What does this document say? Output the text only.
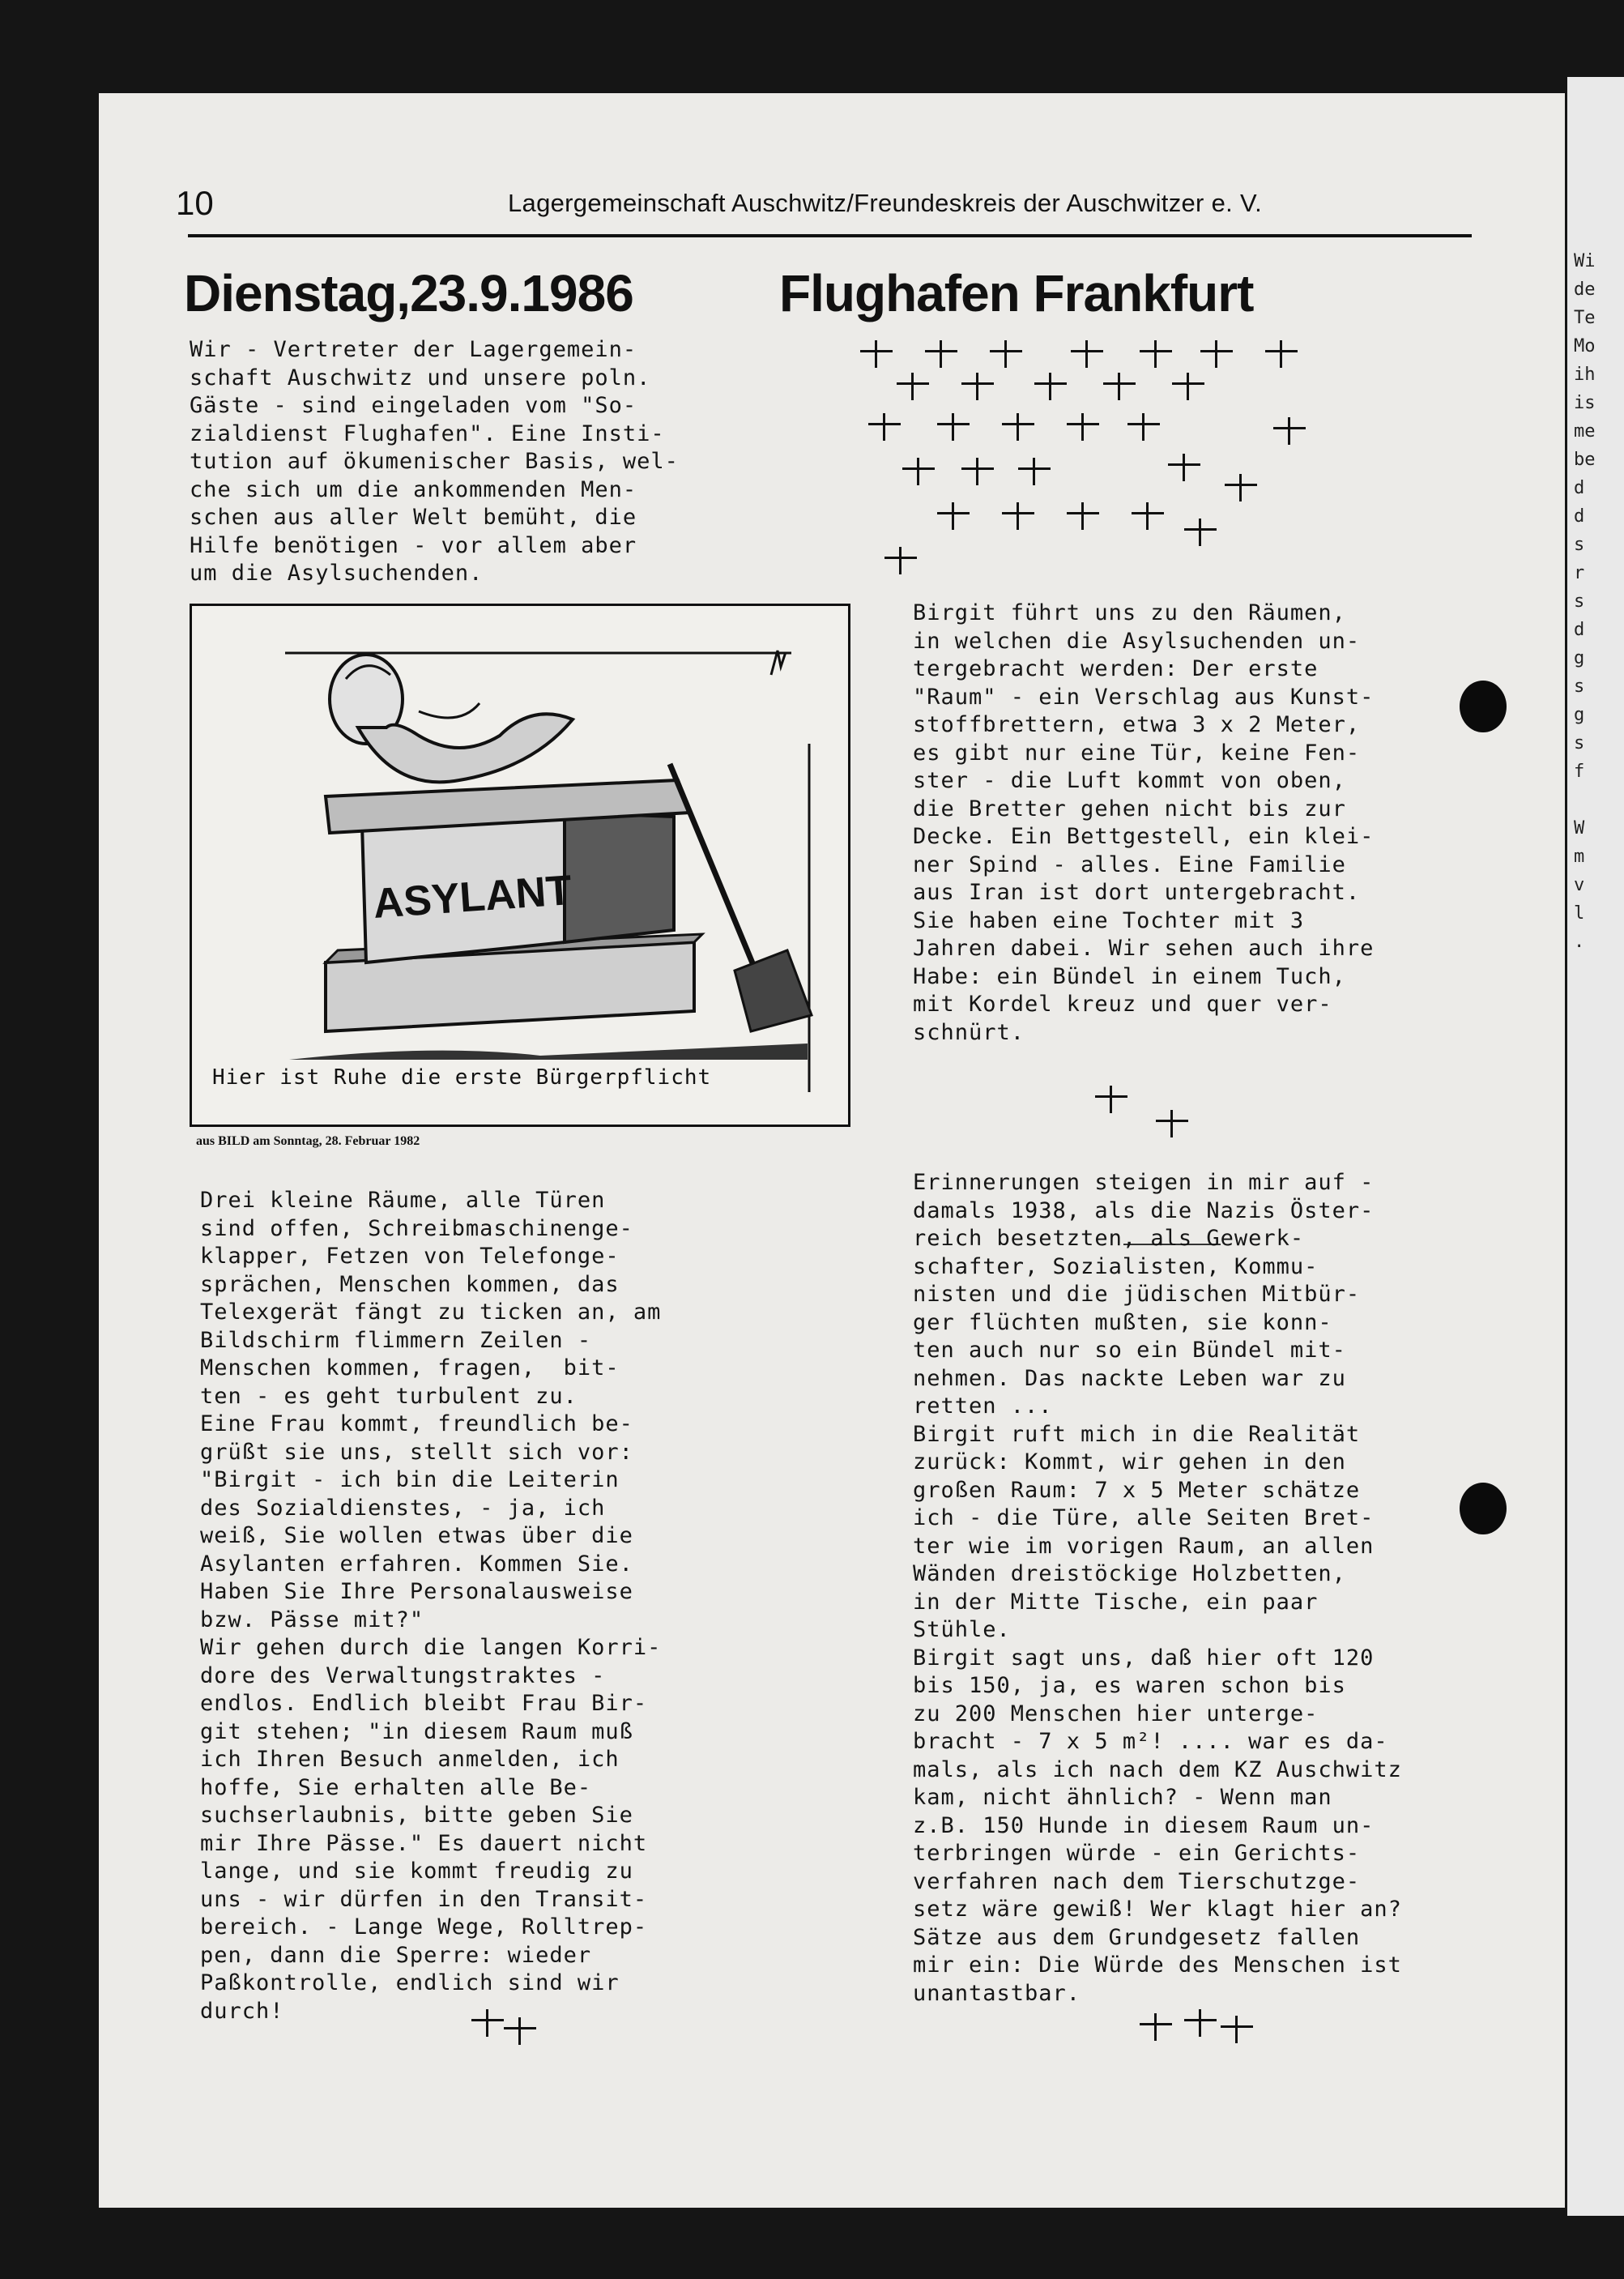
Wi
de
Te
Mo
ih
is
me
be
d
d
s
r
s
d
g
s
g
s
f

W
m
v
l
.
10	Lagergemeinschaft Auschwitz/Freundeskreis der Auschwitzer e. V.
Dienstag,23.9.1986	Flughafen Frankfurt
Wir - Vertreter der Lagergemein-
schaft Auschwitz und unsere poln.
Gäste - sind eingeladen vom "So-
zialdienst Flughafen". Eine Insti-
tution auf ökumenischer Basis, wel-
che sich um die ankommenden Men-
schen aus aller Welt bemüht, die
Hilfe benötigen - vor allem aber
um die Asylsuchenden.
ASYLANT
Hier ist Ruhe die erste Bürgerpflicht
aus BILD am Sonntag, 28. Februar 1982
Drei kleine Räume, alle Türen
sind offen, Schreibmaschinenge-
klapper, Fetzen von Telefonge-
sprächen, Menschen kommen, das
Telexgerät fängt zu ticken an, am
Bildschirm flimmern Zeilen -
Menschen kommen, fragen,  bit-
ten - es geht turbulent zu.
Eine Frau kommt, freundlich be-
grüßt sie uns, stellt sich vor:
"Birgit - ich bin die Leiterin
des Sozialdienstes, - ja, ich
weiß, Sie wollen etwas über die
Asylanten erfahren. Kommen Sie.
Haben Sie Ihre Personalausweise
bzw. Pässe mit?"
Wir gehen durch die langen Korri-
dore des Verwaltungstraktes -
endlos. Endlich bleibt Frau Bir-
git stehen; "in diesem Raum muß
ich Ihren Besuch anmelden, ich
hoffe, Sie erhalten alle Be-
suchserlaubnis, bitte geben Sie
mir Ihre Pässe." Es dauert nicht
lange, und sie kommt freudig zu
uns - wir dürfen in den Transit-
bereich. - Lange Wege, Rolltrep-
pen, dann die Sperre: wieder
Paßkontrolle, endlich sind wir
durch!
Birgit führt uns zu den Räumen,
in welchen die Asylsuchenden un-
tergebracht werden: Der erste
"Raum" - ein Verschlag aus Kunst-
stoffbrettern, etwa 3 x 2 Meter,
es gibt nur eine Tür, keine Fen-
ster - die Luft kommt von oben,
die Bretter gehen nicht bis zur
Decke. Ein Bettgestell, ein klei-
ner Spind - alles. Eine Familie
aus Iran ist dort untergebracht.
Sie haben eine Tochter mit 3
Jahren dabei. Wir sehen auch ihre
Habe: ein Bündel in einem Tuch,
mit Kordel kreuz und quer ver-
schnürt.
Erinnerungen steigen in mir auf -
damals 1938, als die Nazis Öster-
reich besetzten, als Gewerk-
schafter, Sozialisten, Kommu-
nisten und die jüdischen Mitbür-
ger flüchten mußten, sie konn-
ten auch nur so ein Bündel mit-
nehmen. Das nackte Leben war zu
retten ...
Birgit ruft mich in die Realität
zurück: Kommt, wir gehen in den
großen Raum: 7 x 5 Meter schätze
ich - die Türe, alle Seiten Bret-
ter wie im vorigen Raum, an allen
Wänden dreistöckige Holzbetten,
in der Mitte Tische, ein paar
Stühle.
Birgit sagt uns, daß hier oft 120
bis 150, ja, es waren schon bis
zu 200 Menschen hier unterge-
bracht - 7 x 5 m²! .... war es da-
mals, als ich nach dem KZ Auschwitz
kam, nicht ähnlich? - Wenn man
z.B. 150 Hunde in diesem Raum un-
terbringen würde - ein Gerichts-
verfahren nach dem Tierschutzge-
setz wäre gewiß! Wer klagt hier an?
Sätze aus dem Grundgesetz fallen
mir ein: Die Würde des Menschen ist
unantastbar.
